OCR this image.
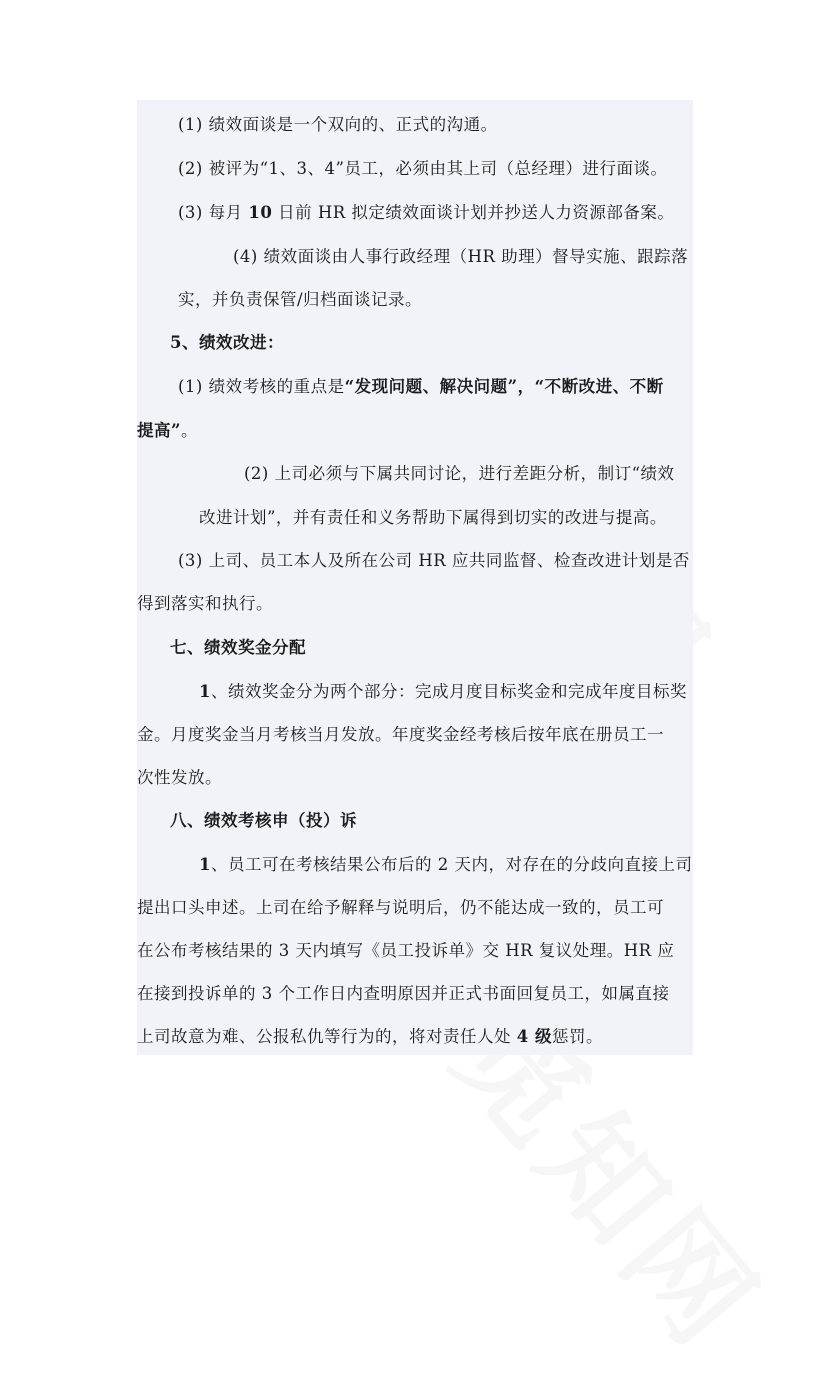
(1) 绩效面谈是一个双向的、正式的沟通。
(2) 被评为“1、3、4”员工，必须由其上司（总经理）进行面谈。
(3) 每月 10 日前 HR 拟定绩效面谈计划并抄送人力资源部备案。
(4) 绩效面谈由人事行政经理（HR 助理）督导实施、跟踪落
实，并负责保管/归档面谈记录。
5、绩效改进：
(1) 绩效考核的重点是“发现问题、解决问题”，“不断改进、不断
提高”。
(2) 上司必须与下属共同讨论，进行差距分析，制订“绩效
改进计划”，并有责任和义务帮助下属得到切实的改进与提高。
(3) 上司、员工本人及所在公司 HR 应共同监督、检查改进计划是否
得到落实和执行。
七、绩效奖金分配
1、绩效奖金分为两个部分：完成月度目标奖金和完成年度目标奖
金。月度奖金当月考核当月发放。年度奖金经考核后按年底在册员工一
次性发放。
八、绩效考核申（投）诉
1、员工可在考核结果公布后的 2 天内，对存在的分歧向直接上司
提出口头申述。上司在给予解释与说明后，仍不能达成一致的，员工可
在公布考核结果的 3 天内填写《员工投诉单》交 HR 复议处理。HR 应
在接到投诉单的 3 个工作日内查明原因并正式书面回复员工，如属直接
上司故意为难、公报私仇等行为的，将对责任人处 4 级惩罚。
